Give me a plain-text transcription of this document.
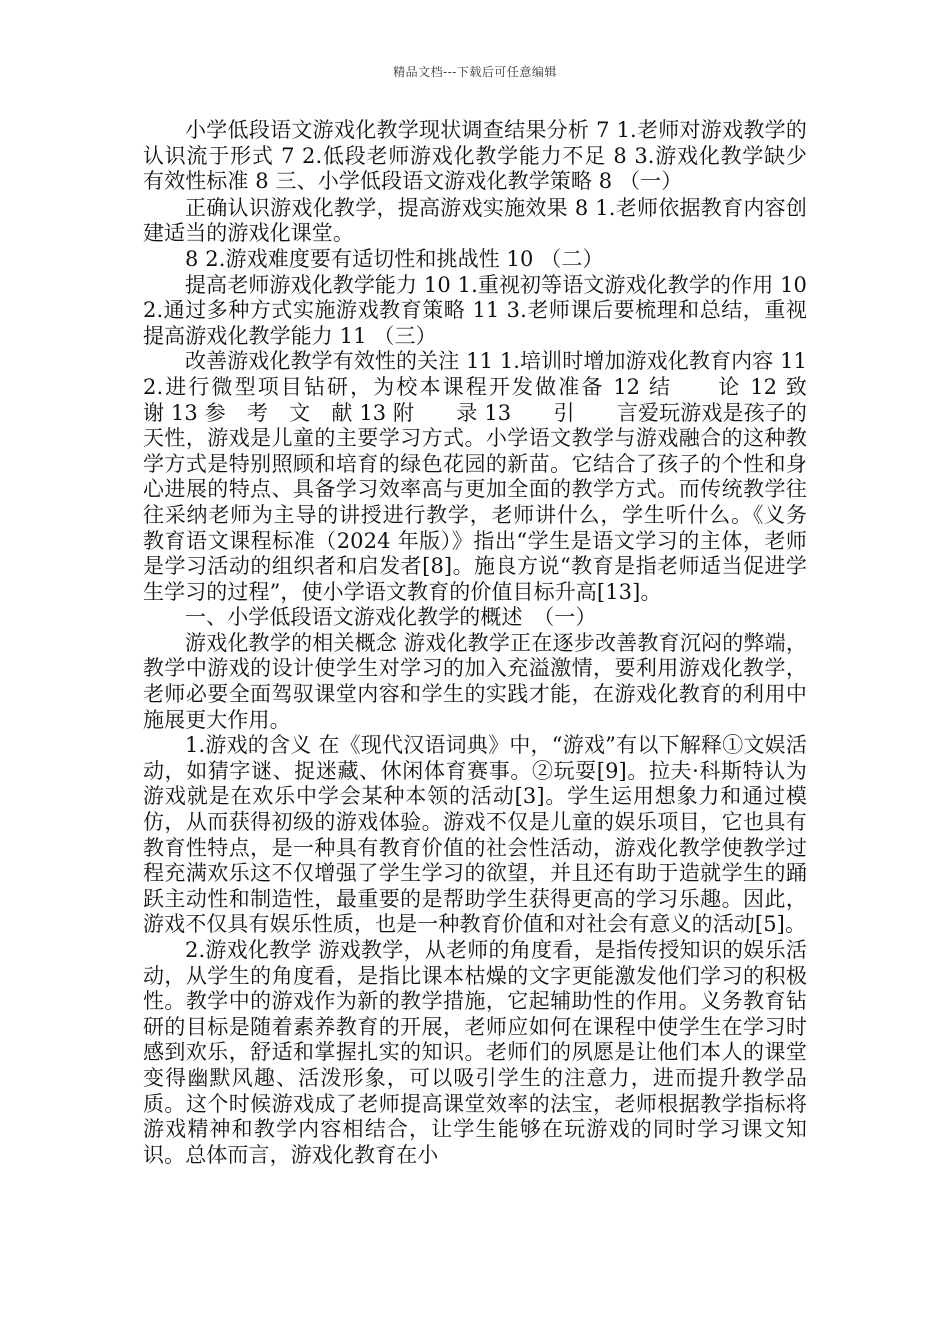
精品文档---下载后可任意编辑

小学低段语文游戏化教学现状调查结果分析 7 1.老师对游戏教学的认识流于形式 7 2.低段老师游戏化教学能力不足 8 3.游戏化教学缺少有效性标准 8 三、小学低段语文游戏化教学策略 8 （一）

正确认识游戏化教学，提高游戏实施效果 8 1.老师依据教育内容创建适当的游戏化课堂。

8 2.游戏难度要有适切性和挑战性 10 （二）

提高老师游戏化教学能力 10 1.重视初等语文游戏化教学的作用 10 2.通过多种方式实施游戏教育策略 11 3.老师课后要梳理和总结，重视提高游戏化教学能力 11 （三）

改善游戏化教学有效性的关注 11 1.培训时增加游戏化教育内容 11 2.进行微型项目钻研，为校本课程开发做准备 12 结　　论 12 致　　谢 13 参　考　文　献 13 附　　录 13　　引　　言爱玩游戏是孩子的天性，游戏是儿童的主要学习方式。小学语文教学与游戏融合的这种教学方式是特别照顾和培育的绿色花园的新苗。它结合了孩子的个性和身心进展的特点、具备学习效率高与更加全面的教学方式。而传统教学往往采纳老师为主导的讲授进行教学，老师讲什么，学生听什么。《义务教育语文课程标准（2024 年版）》指出“学生是语文学习的主体，老师是学习活动的组织者和启发者[8]。施良方说“教育是指老师适当促进学生学习的过程”，使小学语文教育的价值目标升高[13]。

一、小学低段语文游戏化教学的概述　（一）

游戏化教学的相关概念 游戏化教学正在逐步改善教育沉闷的弊端，教学中游戏的设计使学生对学习的加入充溢激情，要利用游戏化教学，老师必要全面驾驭课堂内容和学生的实践才能，在游戏化教育的利用中施展更大作用。

1.游戏的含义 在《现代汉语词典》中，“游戏”有以下解释①文娱活动，如猜字谜、捉迷藏、休闲体育赛事。②玩耍[9]。拉夫·科斯特认为游戏就是在欢乐中学会某种本领的活动[3]。学生运用想象力和通过模仿，从而获得初级的游戏体验。游戏不仅是儿童的娱乐项目，它也具有教育性特点，是一种具有教育价值的社会性活动，游戏化教学使教学过程充满欢乐这不仅增强了学生学习的欲望，并且还有助于造就学生的踊跃主动性和制造性，最重要的是帮助学生获得更高的学习乐趣。因此，游戏不仅具有娱乐性质，也是一种教育价值和对社会有意义的活动[5]。

2.游戏化教学 游戏教学，从老师的角度看，是指传授知识的娱乐活动，从学生的角度看，是指比课本枯燥的文字更能激发他们学习的积极性。教学中的游戏作为新的教学措施，它起辅助性的作用。义务教育钻研的目标是随着素养教育的开展，老师应如何在课程中使学生在学习时感到欢乐，舒适和掌握扎实的知识。老师们的夙愿是让他们本人的课堂变得幽默风趣、活泼形象，可以吸引学生的注意力，进而提升教学品质。这个时候游戏成了老师提高课堂效率的法宝，老师根据教学指标将游戏精神和教学内容相结合，让学生能够在玩游戏的同时学习课文知识。总体而言，游戏化教育在小
